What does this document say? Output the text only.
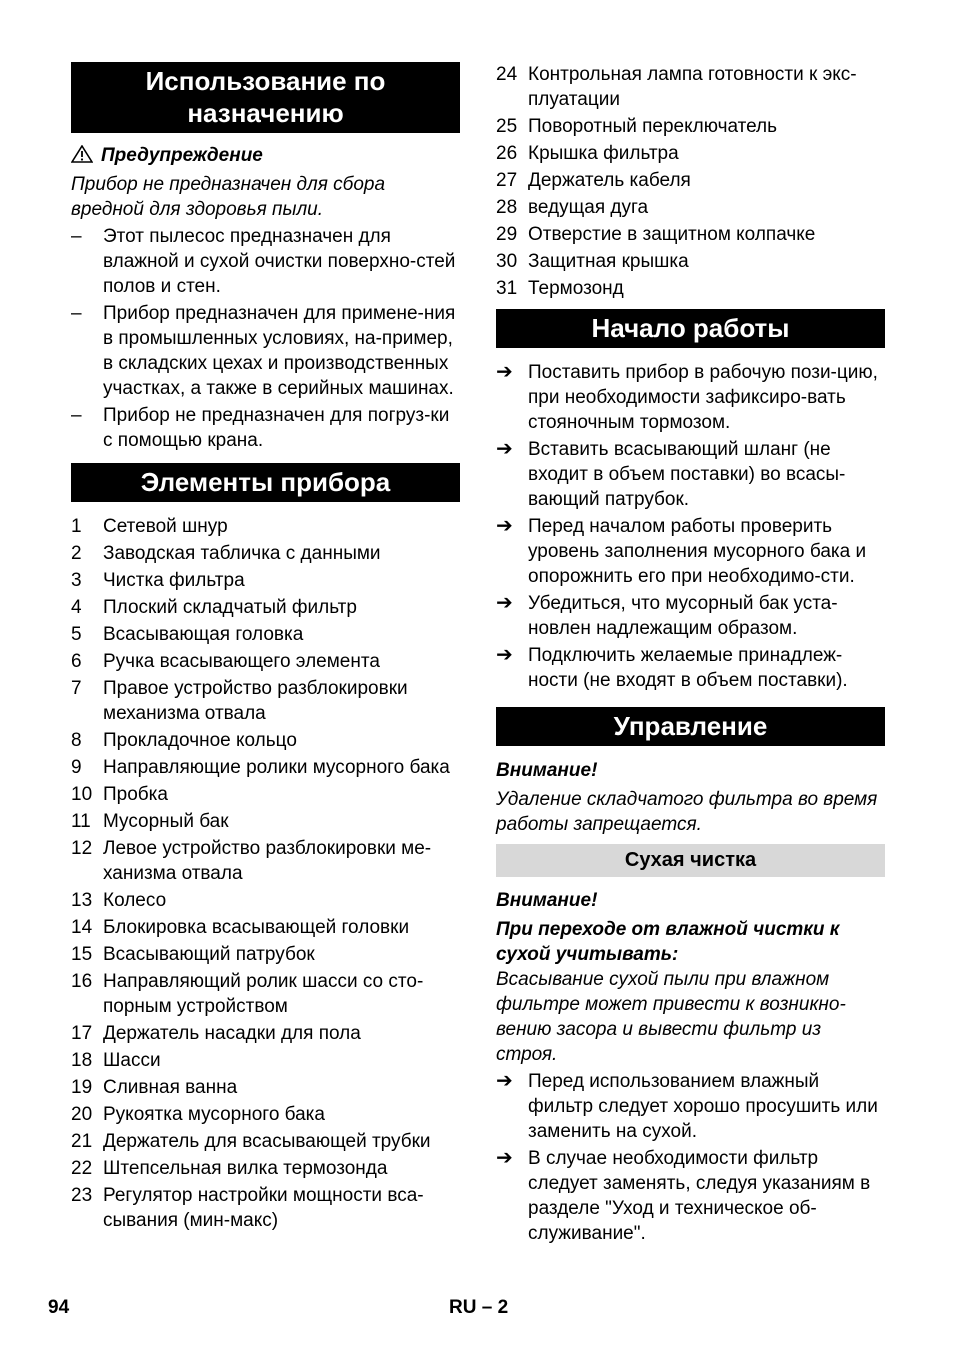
Использование по назначению
Предупреждение
Прибор не предназначен для сбора вредной для здоровья пыли.
–	Этот пылесос предназначен для влажной и сухой очистки поверхно-стей полов и стен.
–	Прибор предназначен для примене-ния в промышленных условиях, на-пример, в складских цехах и производственных участках, а также в серийных машинах.
–	Прибор не предназначен для погруз-ки с помощью крана.
Элементы прибора
1	Сетевой шнур
2	Заводская табличка с данными
3	Чистка фильтра
4	Плоский складчатый фильтр
5	Всасывающая головка
6	Ручка всасывающего элемента
7	Правое устройство разблокировки механизма отвала
8	Прокладочное кольцо
9	Направляющие ролики мусорного бака
10 Пробка
11 Мусорный бак
12 Левое устройство разблокировки ме-ханизма отвала
13 Колесо
14 Блокировка всасывающей головки
15 Всасывающий патрубок
16 Направляющий ролик шасси со сто-порным устройством
17 Держатель насадки для пола
18 Шасси
19 Сливная ванна
20 Рукоятка мусорного бака
21 Держатель для всасывающей трубки
22 Штепсельная вилка термозонда
23 Регулятор настройки мощности вса-сывания (мин-макс)
24 Контрольная лампа готовности к экс-плуатации
25 Поворотный переключатель
26 Крышка фильтра
27 Держатель кабеля
28 ведущая дуга
29 Отверстие в защитном колпачке
30 Защитная крышка
31 Термозонд
Начало работы
➔ Поставить прибор в рабочую пози-цию, при необходимости зафиксиро-вать стояночным тормозом.
➔ Вставить всасывающий шланг (не входит в объем поставки) во всасы-вающий патрубок.
➔ Перед началом работы проверить уровень заполнения мусорного бака и опорожнить его при необходимо-сти.
➔ Убедиться, что мусорный бак уста-новлен надлежащим образом.
➔ Подключить желаемые принадлеж-ности (не входят в объем поставки).
Управление
Внимание!
Удаление складчатого фильтра во время работы запрещается.
Сухая чистка
Внимание!
При переходе от влажной чистки к сухой учитывать:
Всасывание сухой пыли при влажном фильтре может привести к возникно-вению засора и вывести фильтр из строя.
➔ Перед использованием влажный фильтр следует хорошо просушить или заменить на сухой.
➔ В случае необходимости фильтр следует заменять, следуя указаниям в разделе "Уход и техническое об-служивание".
94	RU – 2
